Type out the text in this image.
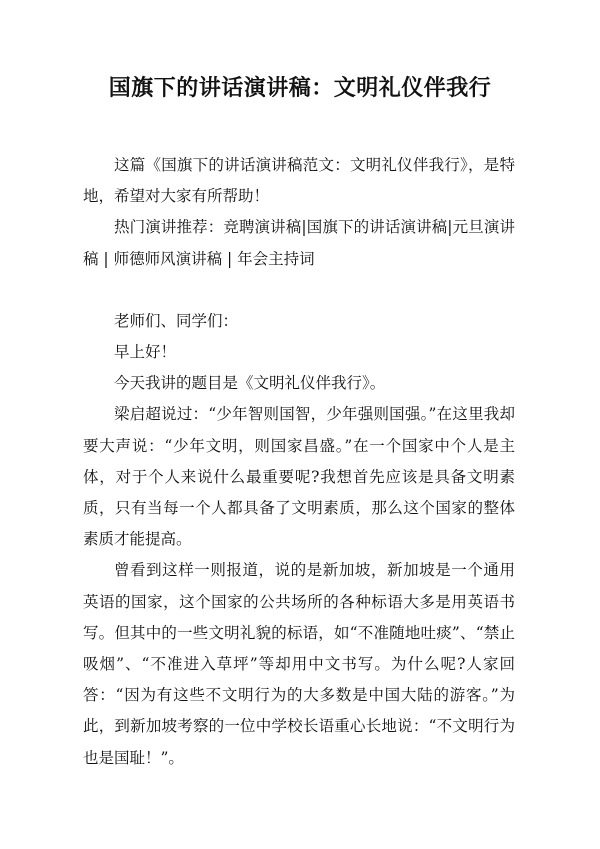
国旗下的讲话演讲稿：文明礼仪伴我行

这篇《国旗下的讲话演讲稿范文：文明礼仪伴我行》，是特地，希望对大家有所帮助！

热门演讲推荐：竞聘演讲稿|国旗下的讲话演讲稿|元旦演讲稿 | 师德师风演讲稿 | 年会主持词

老师们、同学们：

早上好！

今天我讲的题目是《文明礼仪伴我行》。

梁启超说过：“少年智则国智，少年强则国强。”在这里我却要大声说：“少年文明，则国家昌盛。”在一个国家中个人是主体，对于个人来说什么最重要呢?我想首先应该是具备文明素质，只有当每一个人都具备了文明素质，那么这个国家的整体素质才能提高。

曾看到这样一则报道，说的是新加坡，新加坡是一个通用英语的国家，这个国家的公共场所的各种标语大多是用英语书写。但其中的一些文明礼貌的标语，如“不准随地吐痰”、“禁止吸烟”、“不准进入草坪”等却用中文书写。为什么呢?人家回答：“因为有这些不文明行为的大多数是中国大陆的游客。”为此，到新加坡考察的一位中学校长语重心长地说：“不文明行为也是国耻！”。
